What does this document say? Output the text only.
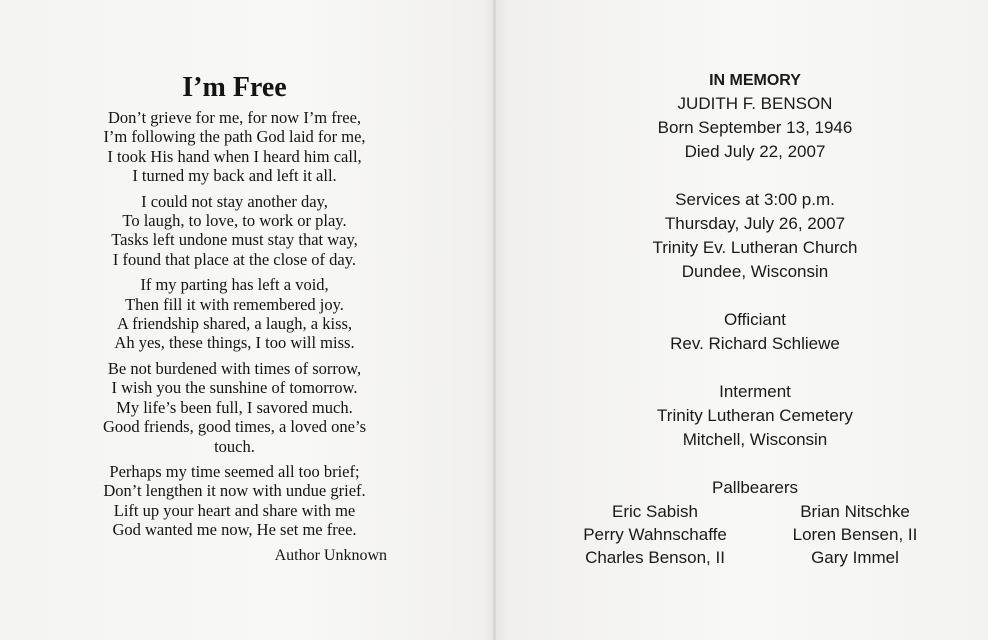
I’m Free
Don’t grieve for me, for now I’m free,
I’m following the path God laid for me,
I took His hand when I heard him call,
I turned my back and left it all.
I could not stay another day,
To laugh, to love, to work or play.
Tasks left undone must stay that way,
I found that place at the close of day.
If my parting has left a void,
Then fill it with remembered joy.
A friendship shared, a laugh, a kiss,
Ah yes, these things, I too will miss.
Be not burdened with times of sorrow,
I wish you the sunshine of tomorrow.
My life’s been full, I savored much.
Good friends, good times, a loved one’s
touch.
Perhaps my time seemed all too brief;
Don’t lengthen it now with undue grief.
Lift up your heart and share with me
God wanted me now, He set me free.
Author Unknown
IN MEMORY
JUDITH F. BENSON
Born September 13, 1946
Died July 22, 2007
Services at 3:00 p.m.
Thursday, July 26, 2007
Trinity Ev. Lutheran Church
Dundee, Wisconsin
Officiant
Rev. Richard Schliewe
Interment
Trinity Lutheran Cemetery
Mitchell, Wisconsin
Pallbearers
Eric Sabish	Brian Nitschke
Perry Wahnschaffe	Loren Bensen, II
Charles Benson, II	Gary Immel
